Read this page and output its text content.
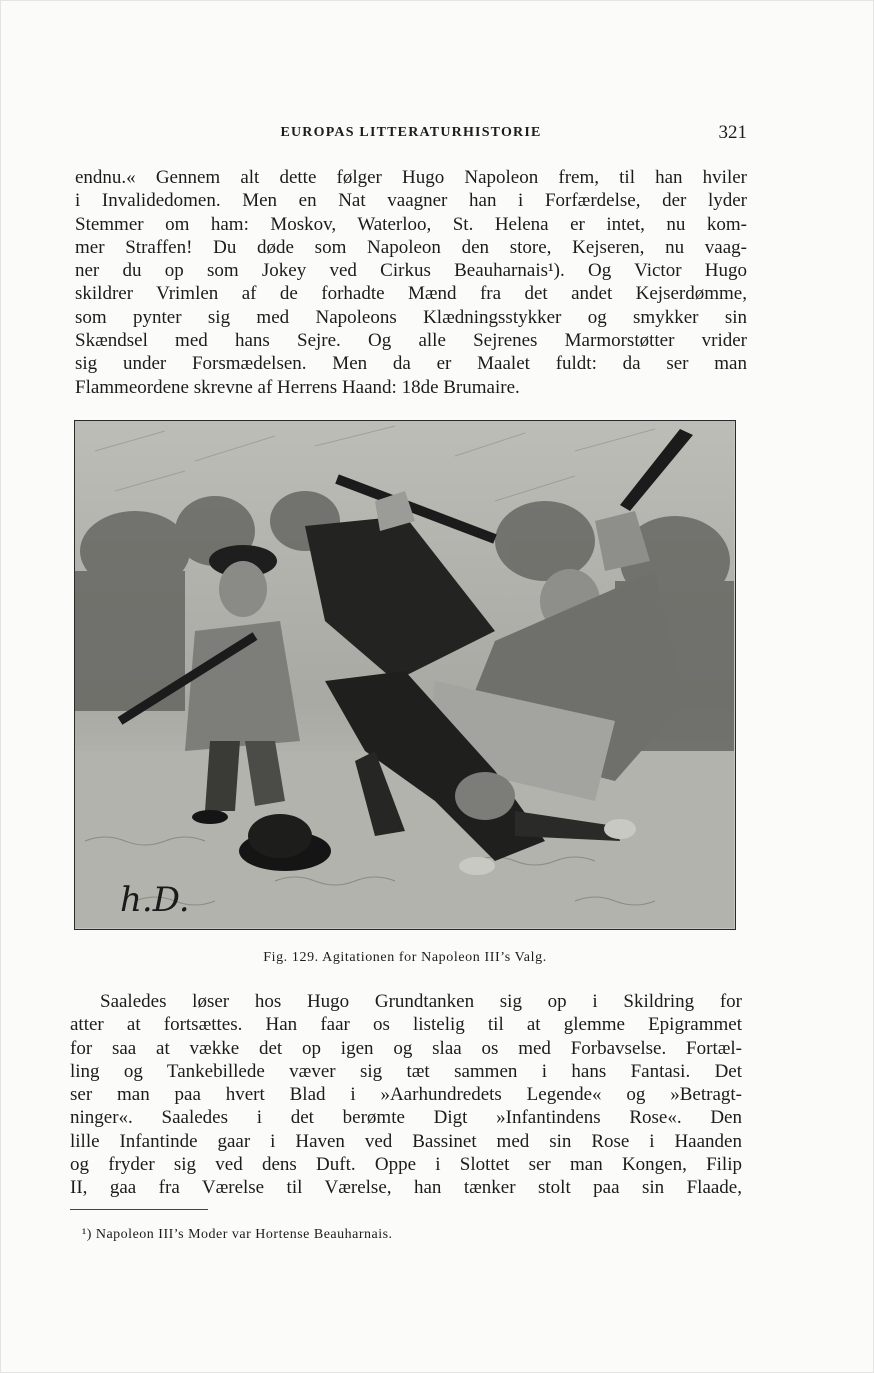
EUROPAS LITTERATURHISTORIE	321
endnu.« Gennem alt dette følger Hugo Napoleon frem, til han hviler
i Invalidedomen. Men en Nat vaagner han i Forfærdelse, der lyder
Stemmer om ham: Moskov, Waterloo, St. Helena er intet, nu kom-
mer Straffen! Du døde som Napoleon den store, Kejseren, nu vaag-
ner du op som Jokey ved Cirkus Beauharnais¹). Og Victor Hugo
skildrer Vrimlen af de forhadte Mænd fra det andet Kejserdømme,
som pynter sig med Napoleons Klædningsstykker og smykker sin
Skændsel med hans Sejre. Og alle Sejrenes Marmorstøtter vrider
sig under Forsmædelsen. Men da er Maalet fuldt: da ser man
Flammeordene skrevne af Herrens Haand: 18de Brumaire.
h.D.
Fig. 129. Agitationen for Napoleon III’s Valg.
Saaledes løser hos Hugo Grundtanken sig op i Skildring for
atter at fortsættes. Han faar os listelig til at glemme Epigrammet
for saa at vække det op igen og slaa os med Forbavselse. Fortæl-
ling og Tankebillede væver sig tæt sammen i hans Fantasi. Det
ser man paa hvert Blad i »Aarhundredets Legende« og »Betragt-
ninger«. Saaledes i det berømte Digt »Infantindens Rose«. Den
lille Infantinde gaar i Haven ved Bassinet med sin Rose i Haanden
og fryder sig ved dens Duft. Oppe i Slottet ser man Kongen, Filip
II, gaa fra Værelse til Værelse, han tænker stolt paa sin Flaade,
¹) Napoleon III’s Moder var Hortense Beauharnais.
